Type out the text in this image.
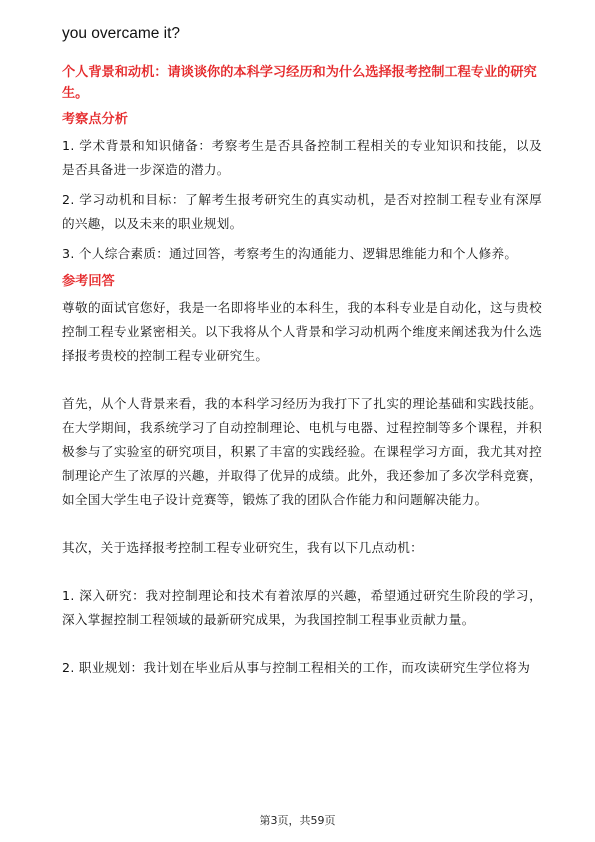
you overcame it?

个人背景和动机：请谈谈你的本科学习经历和为什么选择报考控制工程专业的研究生。

考察点分析

1. 学术背景和知识储备：考察考生是否具备控制工程相关的专业知识和技能，以及是否具备进一步深造的潜力。

2. 学习动机和目标：了解考生报考研究生的真实动机，是否对控制工程专业有深厚的兴趣，以及未来的职业规划。

3. 个人综合素质：通过回答，考察考生的沟通能力、逻辑思维能力和个人修养。

参考回答

尊敬的面试官您好，我是一名即将毕业的本科生，我的本科专业是自动化，这与贵校控制工程专业紧密相关。以下我将从个人背景和学习动机两个维度来阐述我为什么选择报考贵校的控制工程专业研究生。

首先，从个人背景来看，我的本科学习经历为我打下了扎实的理论基础和实践技能。在大学期间，我系统学习了自动控制理论、电机与电器、过程控制等多个课程，并积极参与了实验室的研究项目，积累了丰富的实践经验。在课程学习方面，我尤其对控制理论产生了浓厚的兴趣，并取得了优异的成绩。此外，我还参加了多次学科竞赛，如全国大学生电子设计竞赛等，锻炼了我的团队合作能力和问题解决能力。

其次，关于选择报考控制工程专业研究生，我有以下几点动机：

1. 深入研究：我对控制理论和技术有着浓厚的兴趣，希望通过研究生阶段的学习，深入掌握控制工程领域的最新研究成果，为我国控制工程事业贡献力量。

2. 职业规划：我计划在毕业后从事与控制工程相关的工作，而攻读研究生学位将为

第3页，共59页
